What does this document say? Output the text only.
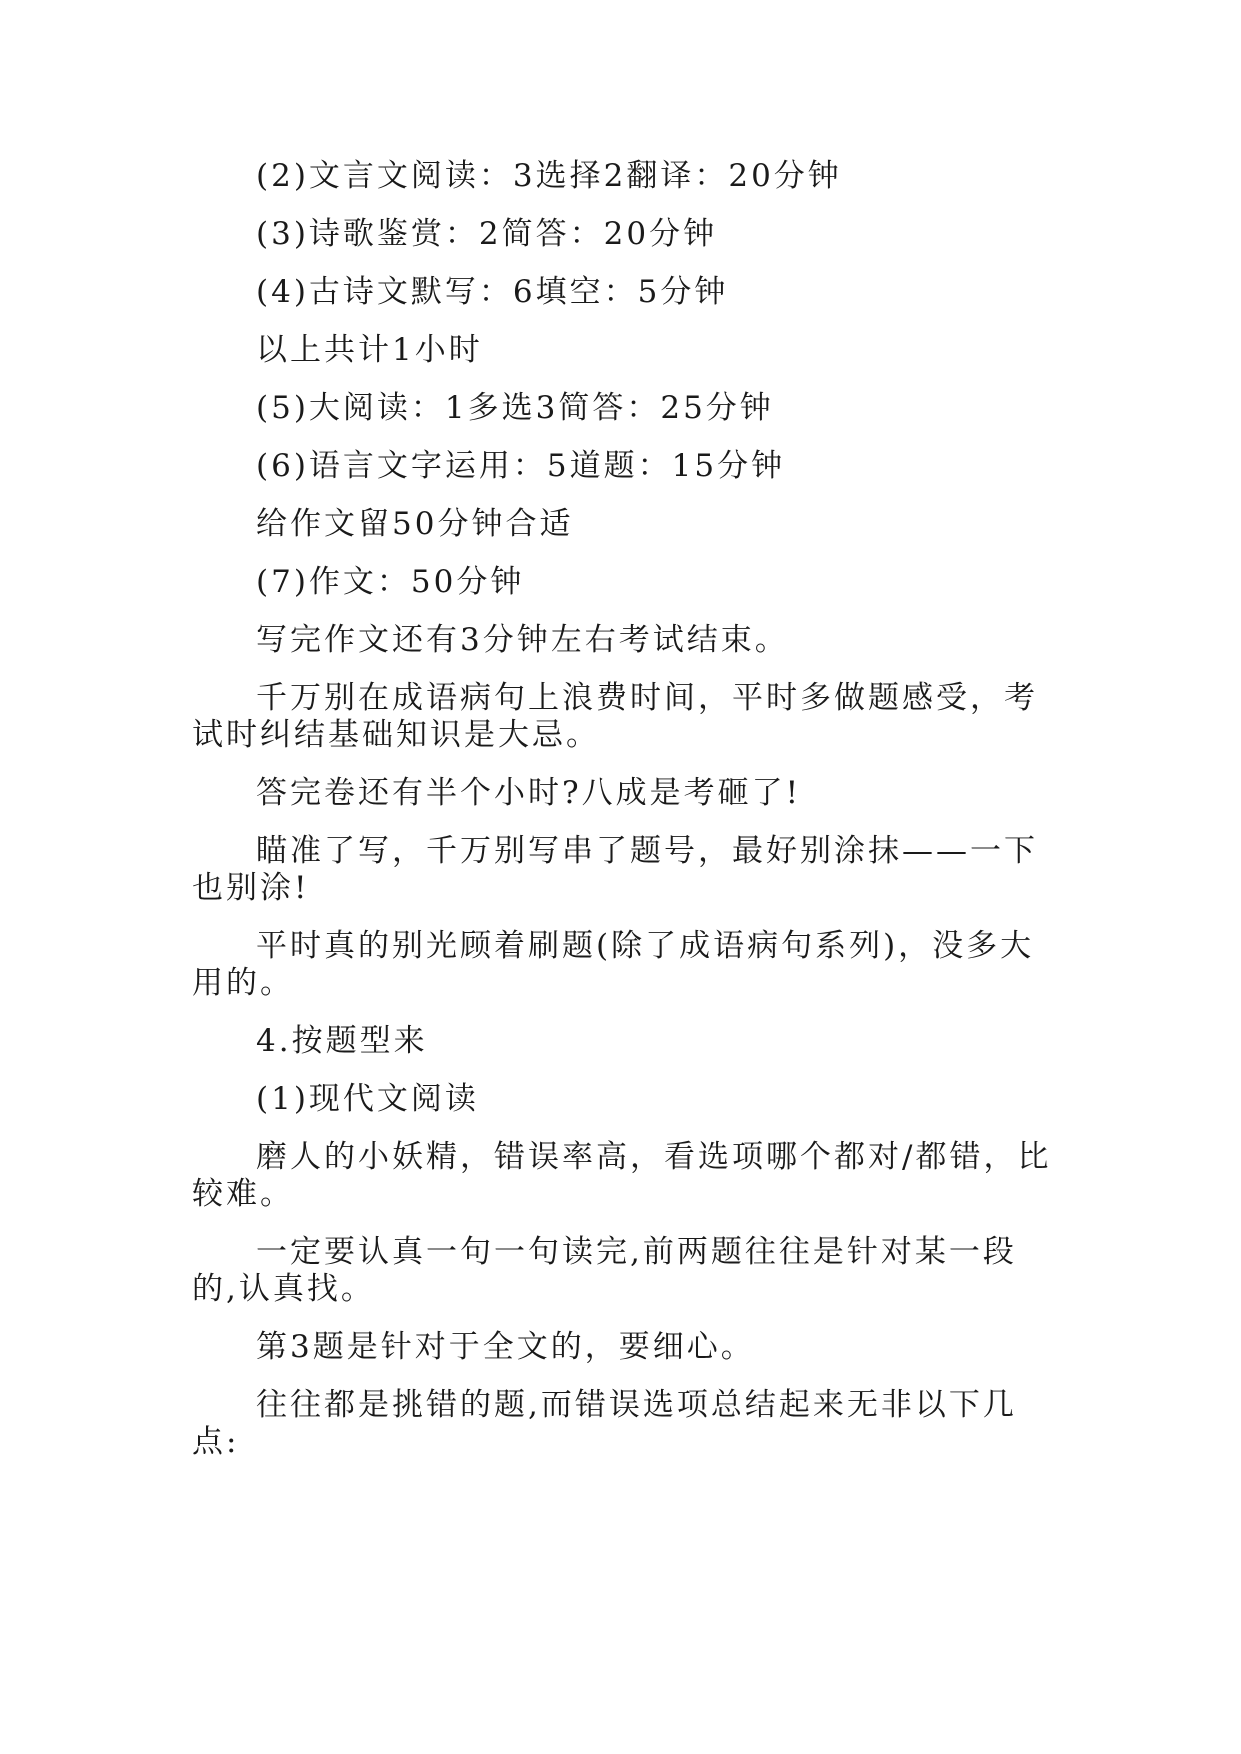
(2)文言文阅读：3选择2翻译：20分钟

(3)诗歌鉴赏：2简答：20分钟

(4)古诗文默写：6填空：5分钟

以上共计1小时

(5)大阅读：1多选3简答：25分钟

(6)语言文字运用：5道题：15分钟

给作文留50分钟合适

(7)作文：50分钟

写完作文还有3分钟左右考试结束。

千万别在成语病句上浪费时间，平时多做题感受，考试时纠结基础知识是大忌。

答完卷还有半个小时?八成是考砸了!

瞄准了写，千万别写串了题号，最好别涂抹——一下也别涂!

平时真的别光顾着刷题(除了成语病句系列)，没多大用的。

4.按题型来

(1)现代文阅读

磨人的小妖精，错误率高，看选项哪个都对/都错，比较难。

一定要认真一句一句读完,前两题往往是针对某一段的,认真找。

第3题是针对于全文的，要细心。

往往都是挑错的题,而错误选项总结起来无非以下几点:
